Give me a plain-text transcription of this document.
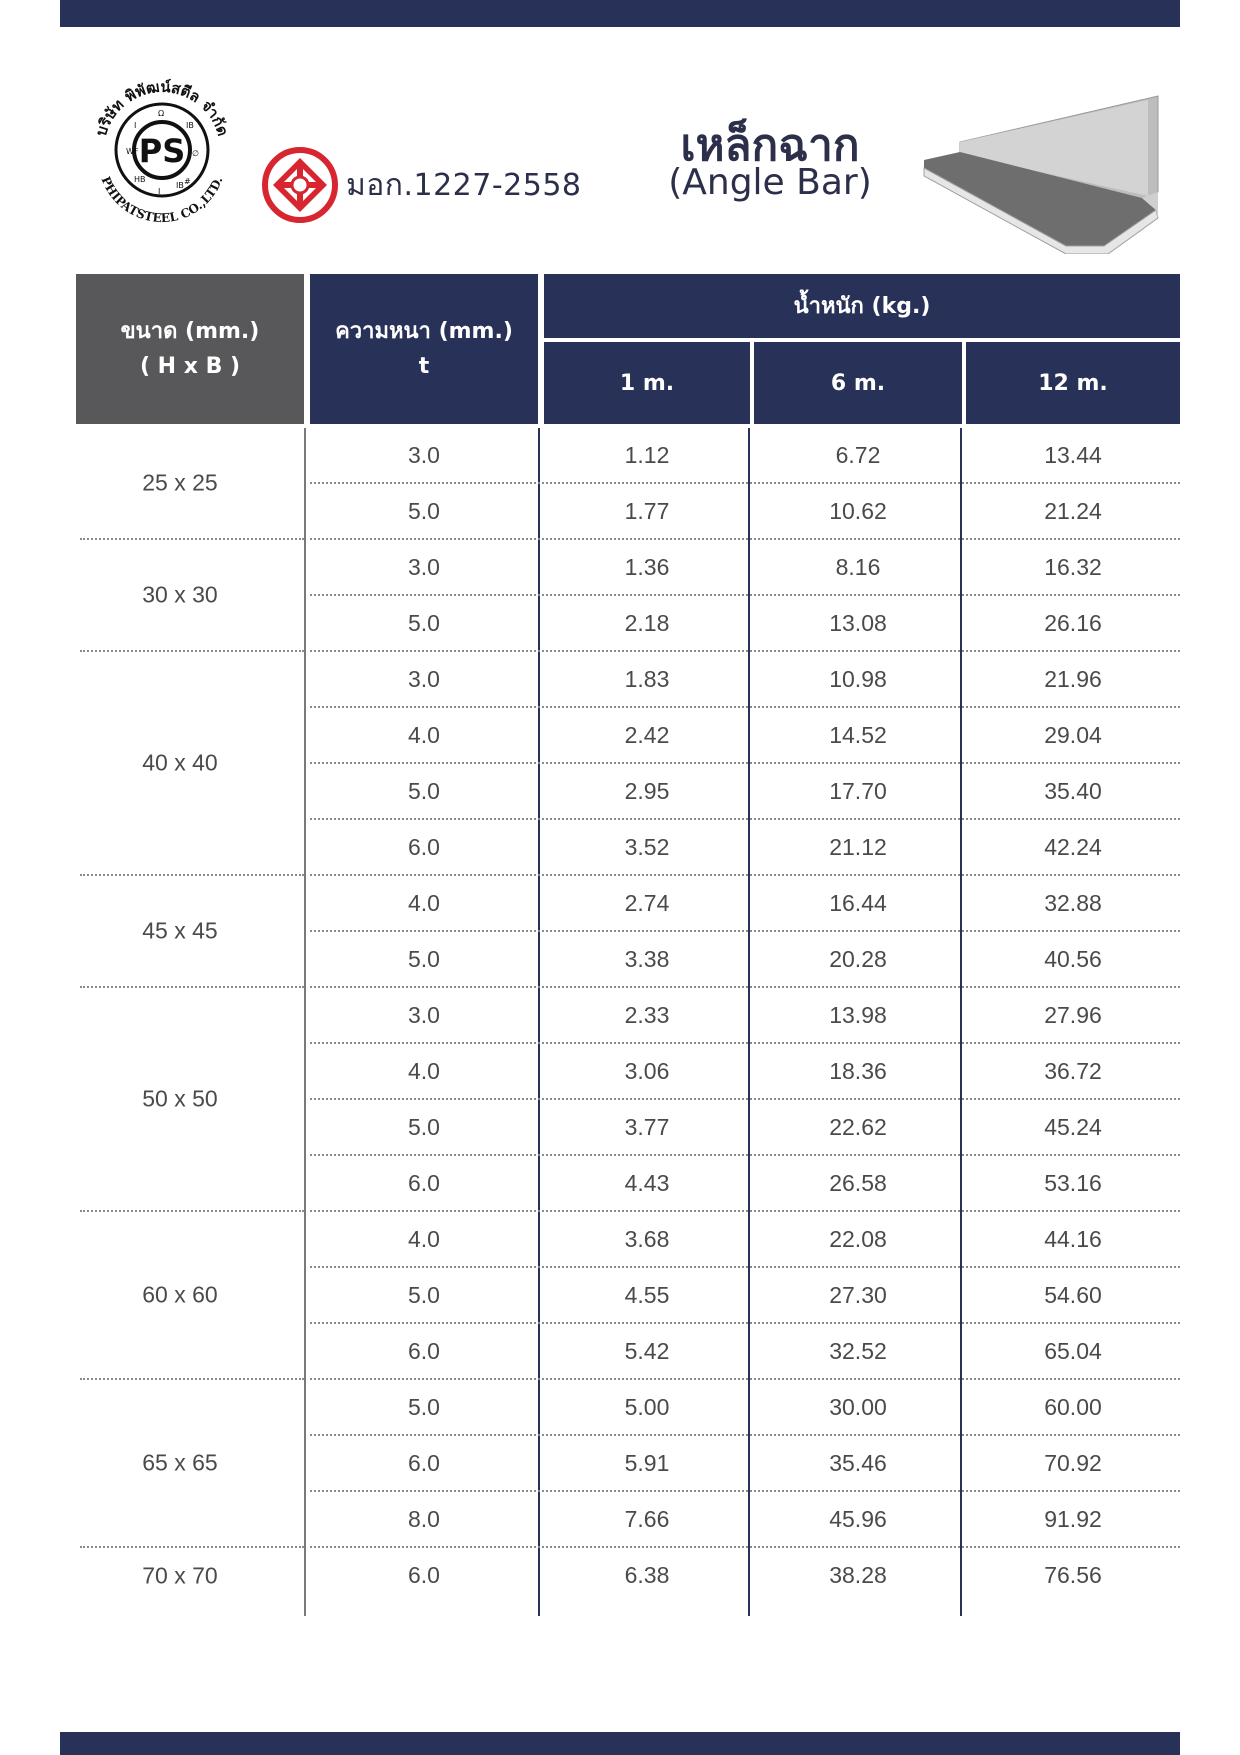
PS
บริษัท พิพัฒน์สตีล จำกัด
PHIPATSTEEL CO.,LTD.
Ω
I	IB
WF	∅
HB	#
I
IB	มอก.1227-2558
เหล็กฉาก
(Angle Bar)
ขนาด (mm.)
( H x B )
ความหนา (mm.)
t
น้ำหนัก (kg.)
1 m.	6 m.	12 m.
25 x 25
3.0	1.12	6.72	13.44
5.0	1.77	10.62	21.24
30 x 30
3.0	1.36	8.16	16.32
5.0	2.18	13.08	26.16
40 x 40
3.0	1.83	10.98	21.96
4.0	2.42	14.52	29.04
5.0	2.95	17.70	35.40
6.0	3.52	21.12	42.24
45 x 45
4.0	2.74	16.44	32.88
5.0	3.38	20.28	40.56
50 x 50
3.0	2.33	13.98	27.96
4.0	3.06	18.36	36.72
5.0	3.77	22.62	45.24
6.0	4.43	26.58	53.16
60 x 60
4.0	3.68	22.08	44.16
5.0	4.55	27.30	54.60
6.0	5.42	32.52	65.04
65 x 65
5.0	5.00	30.00	60.00
6.0	5.91	35.46	70.92
8.0	7.66	45.96	91.92
70 x 70	6.0	6.38	38.28	76.56
